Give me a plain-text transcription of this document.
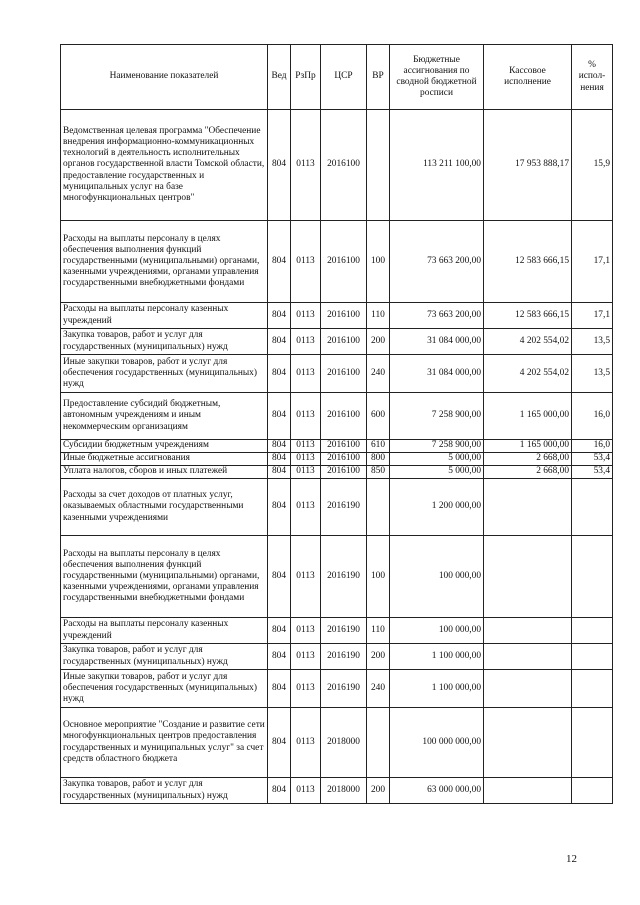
Наименование показателей	Вед	РзПр	ЦСР	ВР	Бюджетные ассигнования по сводной бюджетной росписи	Кассовое исполнение	% испол-нения
Ведомственная целевая программа "Обеспечение внедрения информационно-коммуникационных технологий в деятельность исполнительных органов государственной власти Томской области, предоставление государственных и муниципальных услуг на базе многофункциональных центров"	804	0113	2016100		113 211 100,00	17 953 888,17	15,9
Расходы на выплаты персоналу в целях обеспечения выполнения функций государственными (муниципальными) органами, казенными учреждениями, органами управления государственными внебюджетными фондами	804	0113	2016100	100	73 663 200,00	12 583 666,15	17,1
Расходы на выплаты персоналу казенных учреждений	804	0113	2016100	110	73 663 200,00	12 583 666,15	17,1
Закупка товаров, работ и услуг для государственных (муниципальных) нужд	804	0113	2016100	200	31 084 000,00	4 202 554,02	13,5
Иные закупки товаров, работ и услуг для обеспечения государственных (муниципальных) нужд	804	0113	2016100	240	31 084 000,00	4 202 554,02	13,5
Предоставление субсидий бюджетным, автономным учреждениям и иным некоммерческим организациям	804	0113	2016100	600	7 258 900,00	1 165 000,00	16,0
Субсидии бюджетным учреждениям	804	0113	2016100	610	7 258 900,00	1 165 000,00	16,0
Иные бюджетные ассигнования	804	0113	2016100	800	5 000,00	2 668,00	53,4
Уплата налогов, сборов и иных платежей	804	0113	2016100	850	5 000,00	2 668,00	53,4
Расходы за счет доходов от платных услуг, оказываемых областными государственными казенными учреждениями	804	0113	2016190		1 200 000,00		
Расходы на выплаты персоналу в целях обеспечения выполнения функций государственными (муниципальными) органами, казенными учреждениями, органами управления государственными внебюджетными фондами	804	0113	2016190	100	100 000,00		
Расходы на выплаты персоналу казенных учреждений	804	0113	2016190	110	100 000,00		
Закупка товаров, работ и услуг для государственных (муниципальных) нужд	804	0113	2016190	200	1 100 000,00		
Иные закупки товаров, работ и услуг для обеспечения государственных (муниципальных) нужд	804	0113	2016190	240	1 100 000,00		
Основное мероприятие "Создание и развитие сети многофункциональных центров предоставления государственных и муниципальных услуг" за счет средств областного бюджета	804	0113	2018000		100 000 000,00		
Закупка товаров, работ и услуг для государственных (муниципальных) нужд	804	0113	2018000	200	63 000 000,00		
12
